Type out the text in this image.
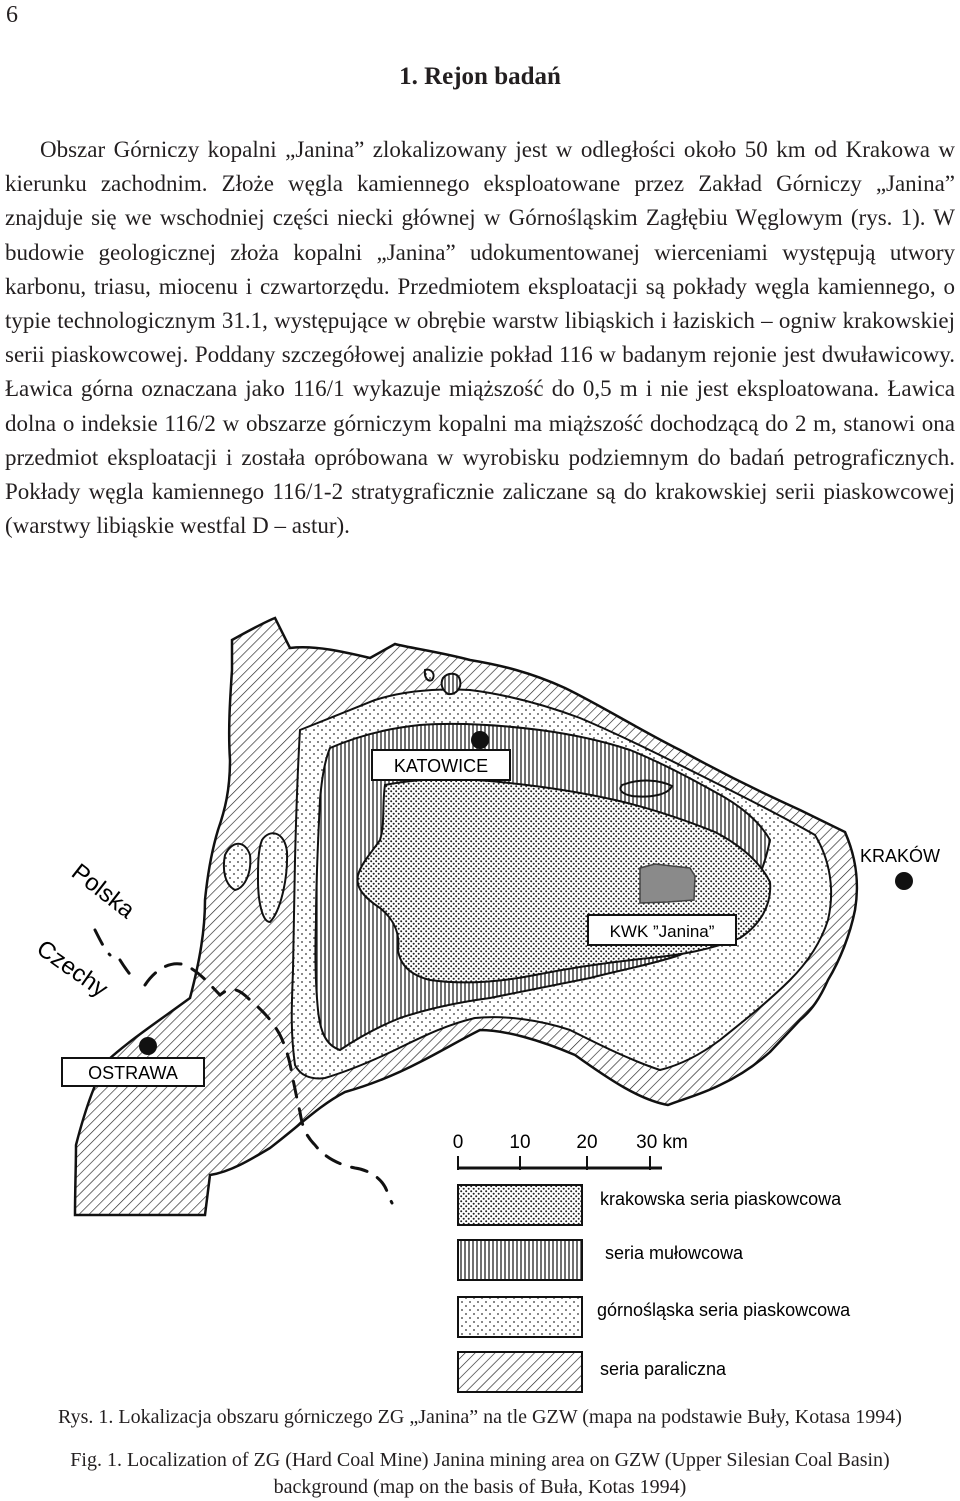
6
1. Rejon badań

Obszar Górniczy kopalni „Janina” zlokalizowany jest w odległości około 50 km od Krakowa w kierunku zachodnim. Złoże węgla kamiennego eksploatowane przez Zakład Górniczy „Janina” znajduje się we wschodniej części niecki głównej w Górnośląskim Zagłębiu Węglowym (rys. 1). W budowie geologicznej złoża kopalni „Janina” udokumentowanej wierceniami występują utwory karbonu, triasu, miocenu i czwartorzędu. Przedmiotem eksploatacji są pokłady węgla kamiennego, o typie technologicznym 31.1, występujące w obrębie warstw libiąskich i łaziskich – ogniw krakowskiej serii piaskowcowej. Poddany szczegółowej analizie pokład 116 w badanym rejonie jest dwuławicowy. Ławica górna oznaczana jako 116/1 wykazuje miąższość do 0,5 m i nie jest eksploatowana. Ławica dolna o indeksie 116/2 w obszarze górniczym kopalni ma miąższość dochodzącą do 2 m, stanowi ona przedmiot eksploatacji i została opróbowana w wyrobisku podziemnym do badań petrograficznych. Pokłady węgla kamiennego 116/1-2 stratygraficznie zaliczane są do krakowskiej serii piaskowcowej (warstwy libiąskie westfal D – astur).

KATOWICE
KWK ”Janina”
OSTRAWA
KRAKÓW
Polska
Czechy
0 10 20 30 km
krakowska seria piaskowcowa
seria mułowcowa
górnośląska seria piaskowcowa
seria paraliczna
Rys. 1. Lokalizacja obszaru górniczego ZG „Janina” na tle GZW (mapa na podstawie Buły, Kotasa 1994)
Fig. 1. Localization of ZG (Hard Coal Mine) Janina mining area on GZW (Upper Silesian Coal Basin)
background (map on the basis of Buła, Kotas 1994)
